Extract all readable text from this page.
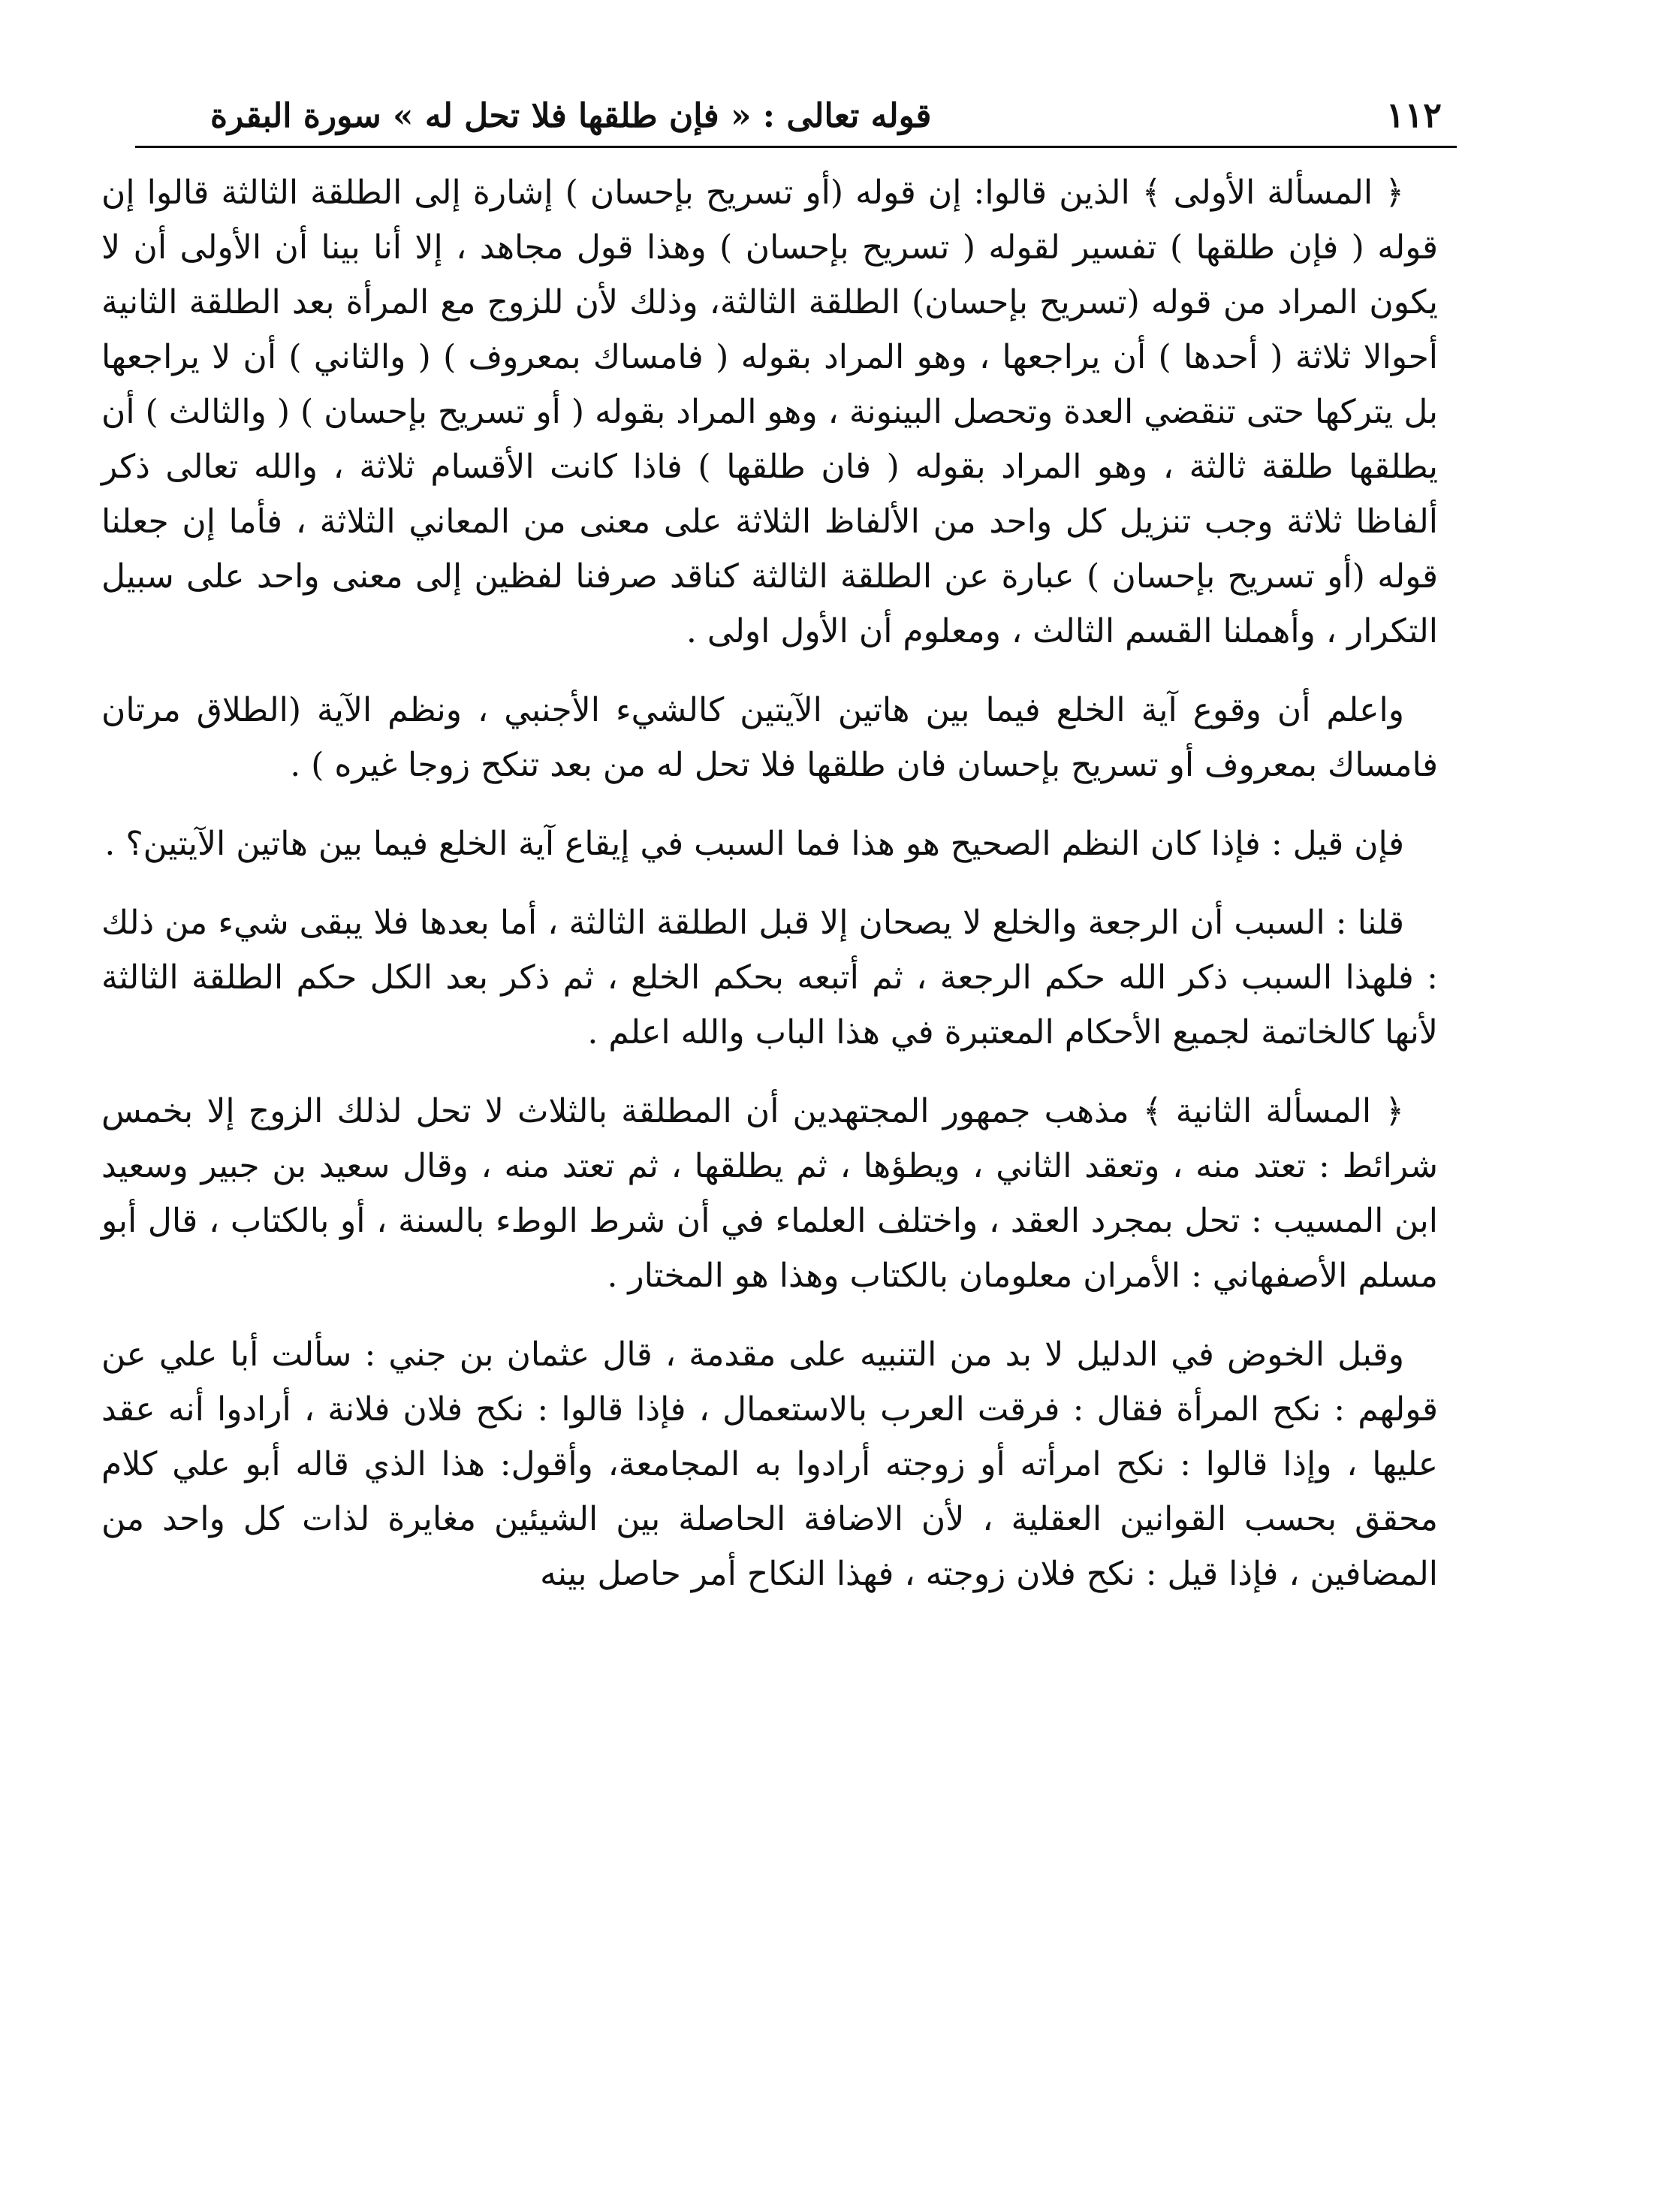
١١٢
قوله تعالى : « فإن طلقها فلا تحل له » سورة البقرة

﴿ المسألة الأولى ﴾ الذين قالوا: إن قوله (أو تسريح بإحسان ) إشارة إلى الطلقة الثالثة قالوا إن قوله ( فإن طلقها ) تفسير لقوله ( تسريح بإحسان ) وهذا قول مجاهد ، إلا أنا بينا أن الأولى أن لا يكون المراد من قوله (تسريح بإحسان) الطلقة الثالثة، وذلك لأن للزوج مع المرأة بعد الطلقة الثانية أحوالا ثلاثة ( أحدها ) أن يراجعها ، وهو المراد بقوله ( فامساك بمعروف ) ( والثاني ) أن لا يراجعها بل يتركها حتى تنقضي العدة وتحصل البينونة ، وهو المراد بقوله ( أو تسريح بإحسان ) ( والثالث ) أن يطلقها طلقة ثالثة ، وهو المراد بقوله ( فان طلقها ) فاذا كانت الأقسام ثلاثة ، والله تعالى ذكر ألفاظا ثلاثة وجب تنزيل كل واحد من الألفاظ الثلاثة على معنى من المعاني الثلاثة ، فأما إن جعلنا قوله (أو تسريح بإحسان ) عبارة عن الطلقة الثالثة كناقد صرفنا لفظين إلى معنى واحد على سبيل التكرار ، وأهملنا القسم الثالث ، ومعلوم أن الأول اولى .

واعلم أن وقوع آية الخلع فيما بين هاتين الآيتين كالشيء الأجنبي ، ونظم الآية (الطلاق مرتان فامساك بمعروف أو تسريح بإحسان فان طلقها فلا تحل له من بعد تنكح زوجا غيره ) .

فإن قيل : فإذا كان النظم الصحيح هو هذا فما السبب في إيقاع آية الخلع فيما بين هاتين الآيتين؟ .

قلنا : السبب أن الرجعة والخلع لا يصحان إلا قبل الطلقة الثالثة ، أما بعدها فلا يبقى شيء من ذلك : فلهذا السبب ذكر الله حكم الرجعة ، ثم أتبعه بحكم الخلع ، ثم ذكر بعد الكل حكم الطلقة الثالثة لأنها كالخاتمة لجميع الأحكام المعتبرة في هذا الباب والله اعلم .

﴿ المسألة الثانية ﴾ مذهب جمهور المجتهدين أن المطلقة بالثلاث لا تحل لذلك الزوج إلا بخمس شرائط : تعتد منه ، وتعقد الثاني ، ويطؤها ، ثم يطلقها ، ثم تعتد منه ، وقال سعيد بن جبير وسعيد ابن المسيب : تحل بمجرد العقد ، واختلف العلماء في أن شرط الوطء بالسنة ، أو بالكتاب ، قال أبو مسلم الأصفهاني : الأمران معلومان بالكتاب وهذا هو المختار .

وقبل الخوض في الدليل لا بد من التنبيه على مقدمة ، قال عثمان بن جني : سألت أبا علي عن قولهم : نكح المرأة فقال : فرقت العرب بالاستعمال ، فإذا قالوا : نكح فلان فلانة ، أرادوا أنه عقد عليها ، وإذا قالوا : نكح امرأته أو زوجته أرادوا به المجامعة، وأقول: هذا الذي قاله أبو علي كلام محقق بحسب القوانين العقلية ، لأن الاضافة الحاصلة بين الشيئين مغايرة لذات كل واحد من المضافين ، فإذا قيل : نكح فلان زوجته ، فهذا النكاح أمر حاصل بينه
